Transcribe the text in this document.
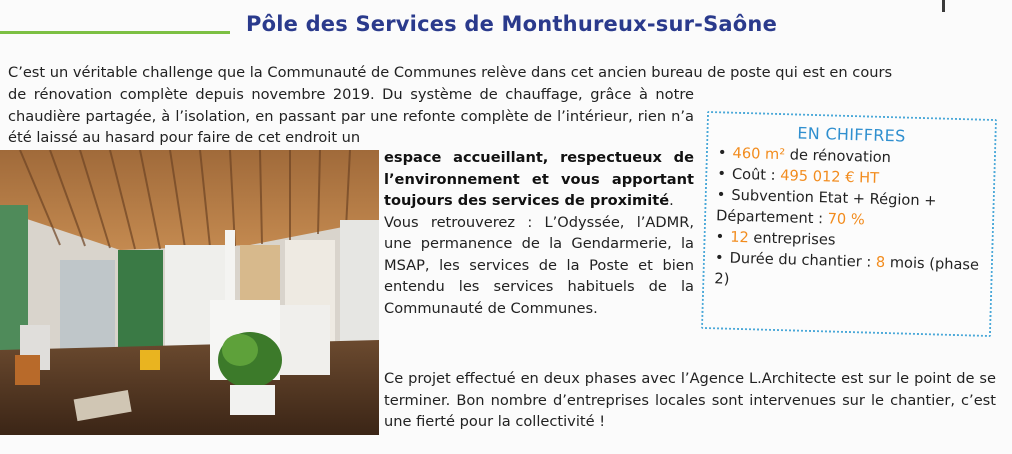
Pôle des Services de Monthureux-sur-Saône
C’est un véritable challenge que la Communauté de Communes relève dans cet ancien bureau de poste qui est en cours
de rénovation complète depuis novembre 2019. Du système de chauffage, grâce à notre chaudière partagée, à l’isolation, en passant par une refonte complète de l’intérieur, rien n’a été laissé au hasard pour faire de cet endroit un
espace accueillant, respectueux de l’environnement et vous apportant toujours des services de proximité.
Vous retrouverez : L’Odyssée, l’ADMR, une permanence de la Gendarmerie, la MSAP, les services de la Poste et bien entendu les services habituels de la Communauté de Communes.
Ce projet effectué en deux phases avec l’Agence L.Architecte est sur le point de se terminer. Bon nombre d’entreprises locales sont intervenues sur le chantier, c’est une fierté pour la collectivité !
EN CHIFFRES
• 460 m² de rénovation
• Coût : 495 012 € HT
• Subvention Etat + Région + Département : 70 %
• 12 entreprises
• Durée du chantier : 8 mois (phase 2)
